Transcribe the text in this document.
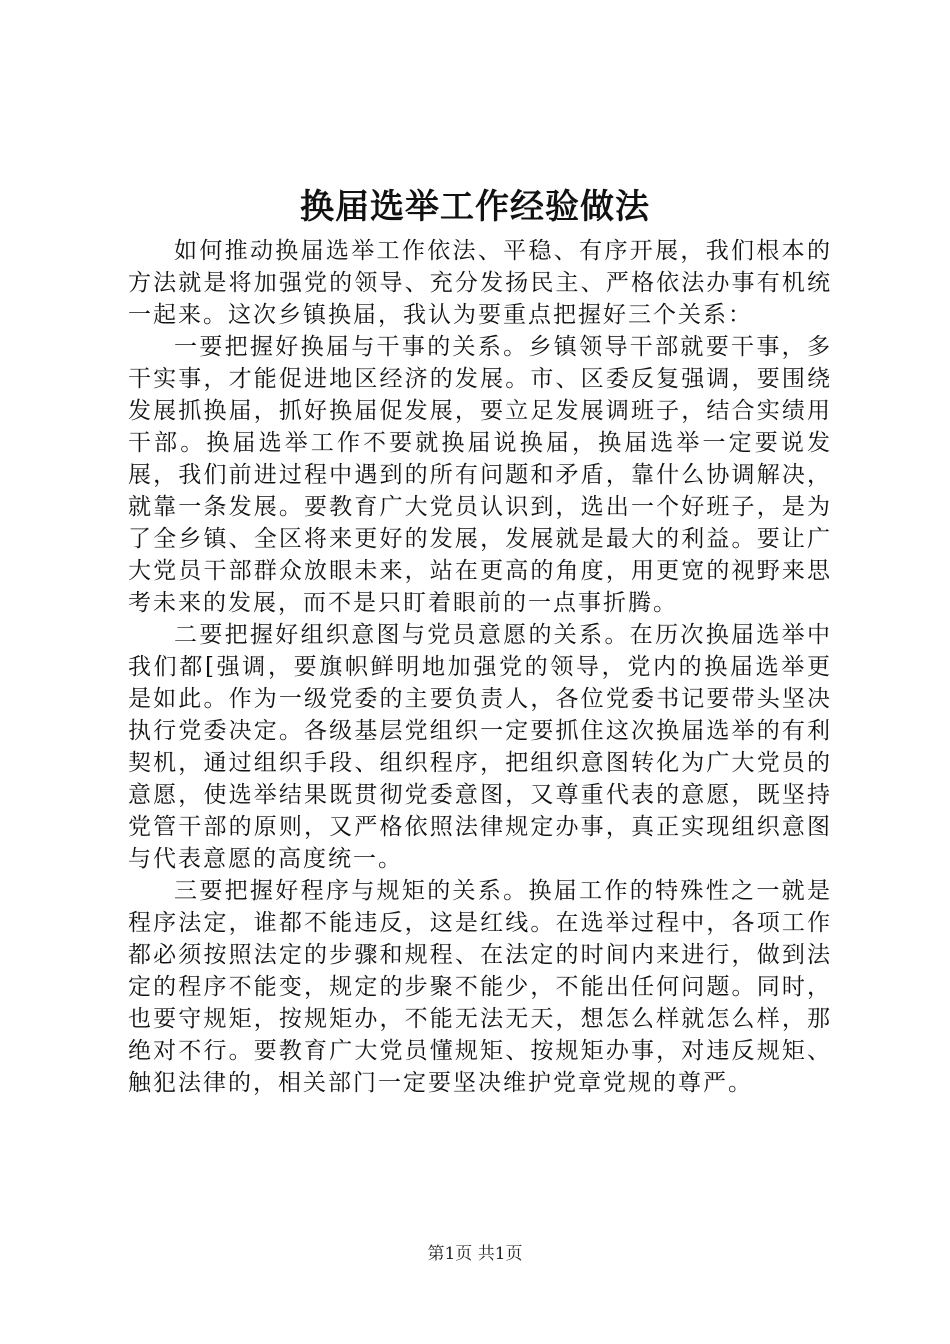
换届选举工作经验做法

如何推动换届选举工作依法、平稳、有序开展，我们根本的方法就是将加强党的领导、充分发扬民主、严格依法办事有机统一起来。这次乡镇换届，我认为要重点把握好三个关系：

一要把握好换届与干事的关系。乡镇领导干部就要干事，多干实事，才能促进地区经济的发展。市、区委反复强调，要围绕发展抓换届，抓好换届促发展，要立足发展调班子，结合实绩用干部。换届选举工作不要就换届说换届，换届选举一定要说发展，我们前进过程中遇到的所有问题和矛盾，靠什么协调解决，就靠一条发展。要教育广大党员认识到，选出一个好班子，是为了全乡镇、全区将来更好的发展，发展就是最大的利益。要让广大党员干部群众放眼未来，站在更高的角度，用更宽的视野来思考未来的发展，而不是只盯着眼前的一点事折腾。

二要把握好组织意图与党员意愿的关系。在历次换届选举中我们都[强调，要旗帜鲜明地加强党的领导，党内的换届选举更是如此。作为一级党委的主要负责人，各位党委书记要带头坚决执行党委决定。各级基层党组织一定要抓住这次换届选举的有利契机，通过组织手段、组织程序，把组织意图转化为广大党员的意愿，使选举结果既贯彻党委意图，又尊重代表的意愿，既坚持党管干部的原则，又严格依照法律规定办事，真正实现组织意图与代表意愿的高度统一。

三要把握好程序与规矩的关系。换届工作的特殊性之一就是程序法定，谁都不能违反，这是红线。在选举过程中，各项工作都必须按照法定的步骤和规程、在法定的时间内来进行，做到法定的程序不能变，规定的步聚不能少，不能出任何问题。同时，也要守规矩，按规矩办，不能无法无天，想怎么样就怎么样，那绝对不行。要教育广大党员懂规矩、按规矩办事，对违反规矩、触犯法律的，相关部门一定要坚决维护党章党规的尊严。

第1页 共1页
